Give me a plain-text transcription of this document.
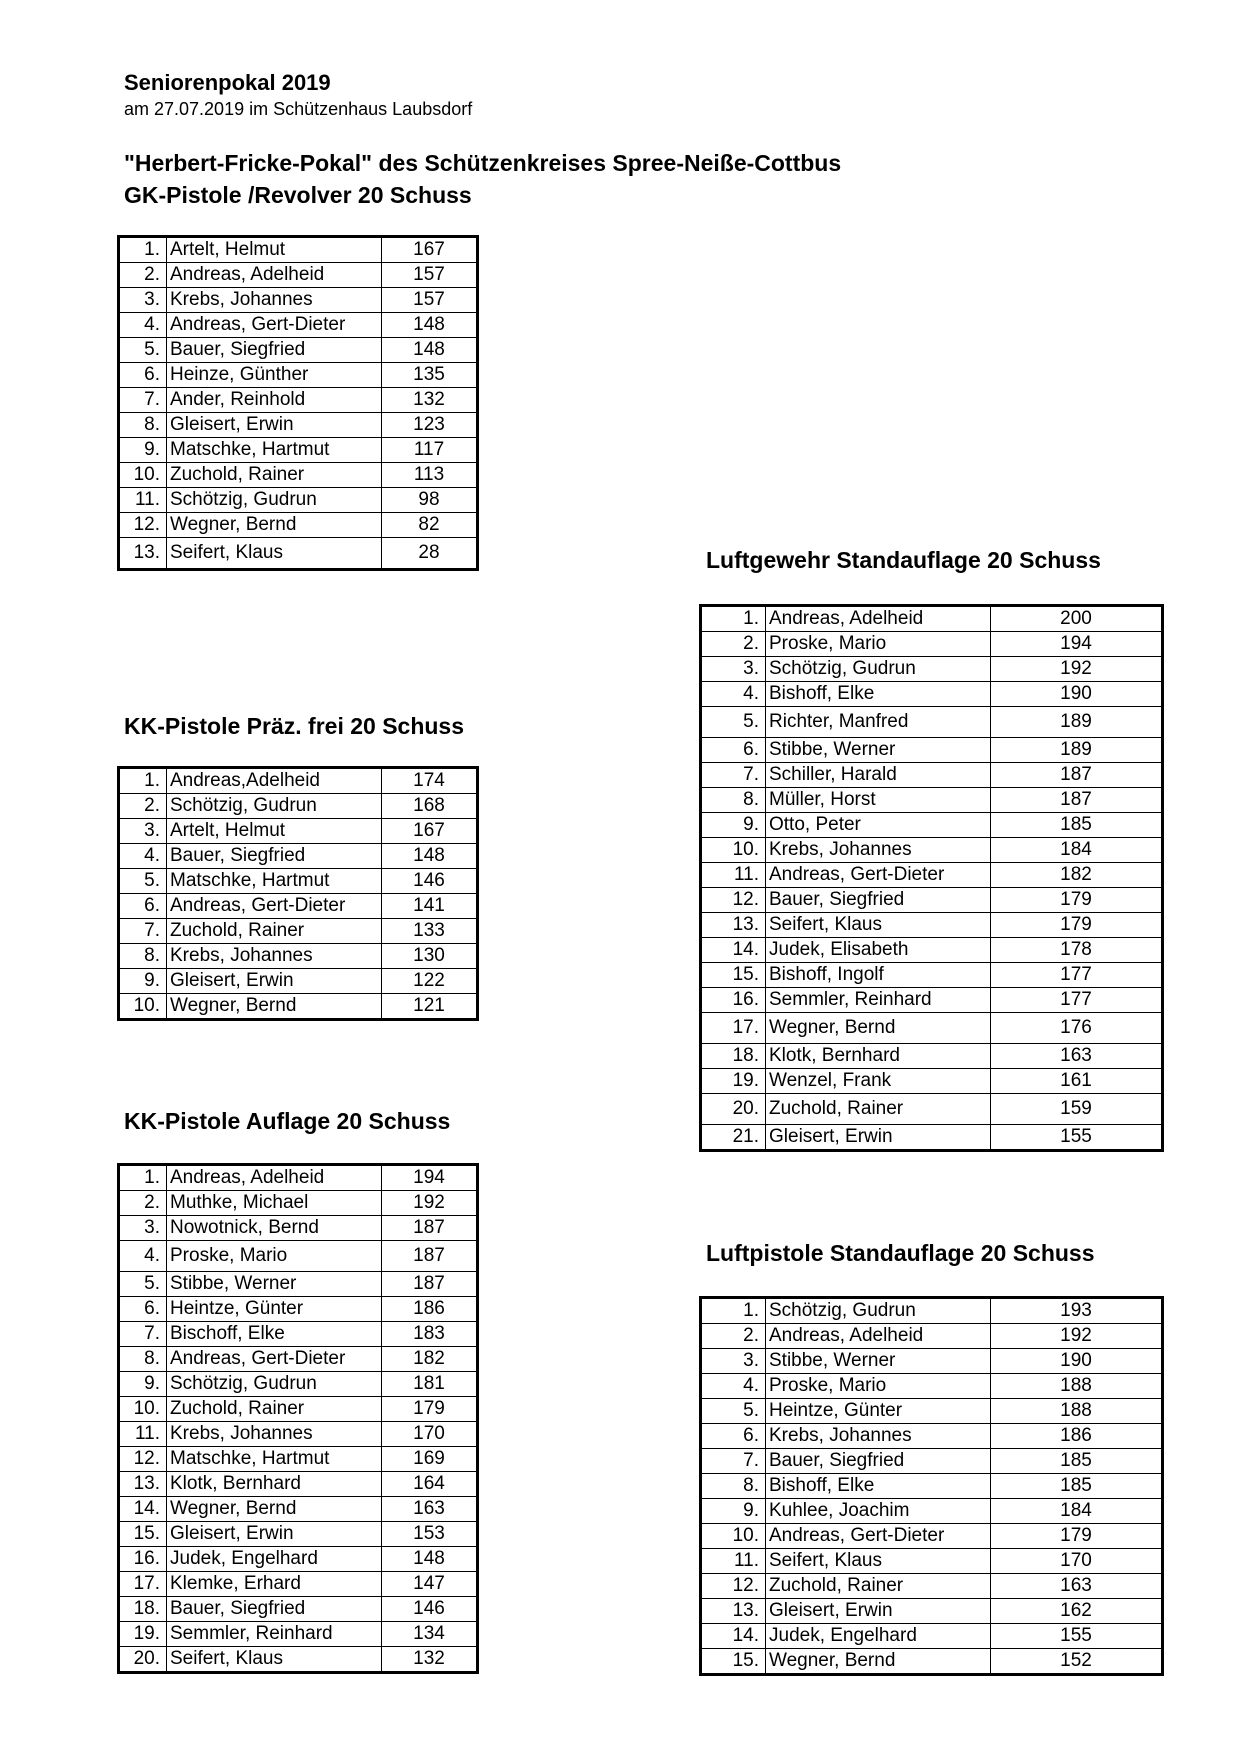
Seniorenpokal 2019
am 27.07.2019 im Schützenhaus Laubsdorf
"Herbert-Fricke-Pokal" des Schützenkreises Spree-Neiße-Cottbus
GK-Pistole /Revolver 20 Schuss
1.	Artelt, Helmut	167
2.	Andreas, Adelheid	157
3.	Krebs, Johannes	157
4.	Andreas, Gert-Dieter	148
5.	Bauer, Siegfried	148
6.	Heinze, Günther	135
7.	Ander, Reinhold	132
8.	Gleisert, Erwin	123
9.	Matschke, Hartmut	117
10.	Zuchold, Rainer	113
11.	Schötzig, Gudrun	98
12.	Wegner, Bernd	82
13.	Seifert, Klaus	28
KK-Pistole Präz. frei 20 Schuss
1.	Andreas,Adelheid	174
2.	Schötzig, Gudrun	168
3.	Artelt, Helmut	167
4.	Bauer, Siegfried	148
5.	Matschke, Hartmut	146
6.	Andreas, Gert-Dieter	141
7.	Zuchold, Rainer	133
8.	Krebs, Johannes	130
9.	Gleisert, Erwin	122
10.	Wegner, Bernd	121
KK-Pistole Auflage 20 Schuss
1.	Andreas, Adelheid	194
2.	Muthke, Michael	192
3.	Nowotnick, Bernd	187
4.	Proske, Mario	187
5.	Stibbe, Werner	187
6.	Heintze, Günter	186
7.	Bischoff, Elke	183
8.	Andreas, Gert-Dieter	182
9.	Schötzig, Gudrun	181
10.	Zuchold, Rainer	179
11.	Krebs, Johannes	170
12.	Matschke, Hartmut	169
13.	Klotk, Bernhard	164
14.	Wegner, Bernd	163
15.	Gleisert, Erwin	153
16.	Judek, Engelhard	148
17.	Klemke, Erhard	147
18.	Bauer, Siegfried	146
19.	Semmler, Reinhard	134
20.	Seifert, Klaus	132
Luftgewehr Standauflage 20 Schuss
1.	Andreas, Adelheid	200
2.	Proske, Mario	194
3.	Schötzig, Gudrun	192
4.	Bishoff, Elke	190
5.	Richter, Manfred	189
6.	Stibbe, Werner	189
7.	Schiller, Harald	187
8.	Müller, Horst	187
9.	Otto, Peter	185
10.	Krebs, Johannes	184
11.	Andreas, Gert-Dieter	182
12.	Bauer, Siegfried	179
13.	Seifert, Klaus	179
14.	Judek, Elisabeth	178
15.	Bishoff, Ingolf	177
16.	Semmler, Reinhard	177
17.	Wegner, Bernd	176
18.	Klotk, Bernhard	163
19.	Wenzel, Frank	161
20.	Zuchold, Rainer	159
21.	Gleisert, Erwin	155
Luftpistole Standauflage 20 Schuss
1.	Schötzig, Gudrun	193
2.	Andreas, Adelheid	192
3.	Stibbe, Werner	190
4.	Proske, Mario	188
5.	Heintze, Günter	188
6.	Krebs, Johannes	186
7.	Bauer, Siegfried	185
8.	Bishoff, Elke	185
9.	Kuhlee, Joachim	184
10.	Andreas, Gert-Dieter	179
11.	Seifert, Klaus	170
12.	Zuchold, Rainer	163
13.	Gleisert, Erwin	162
14.	Judek, Engelhard	155
15.	Wegner, Bernd	152
